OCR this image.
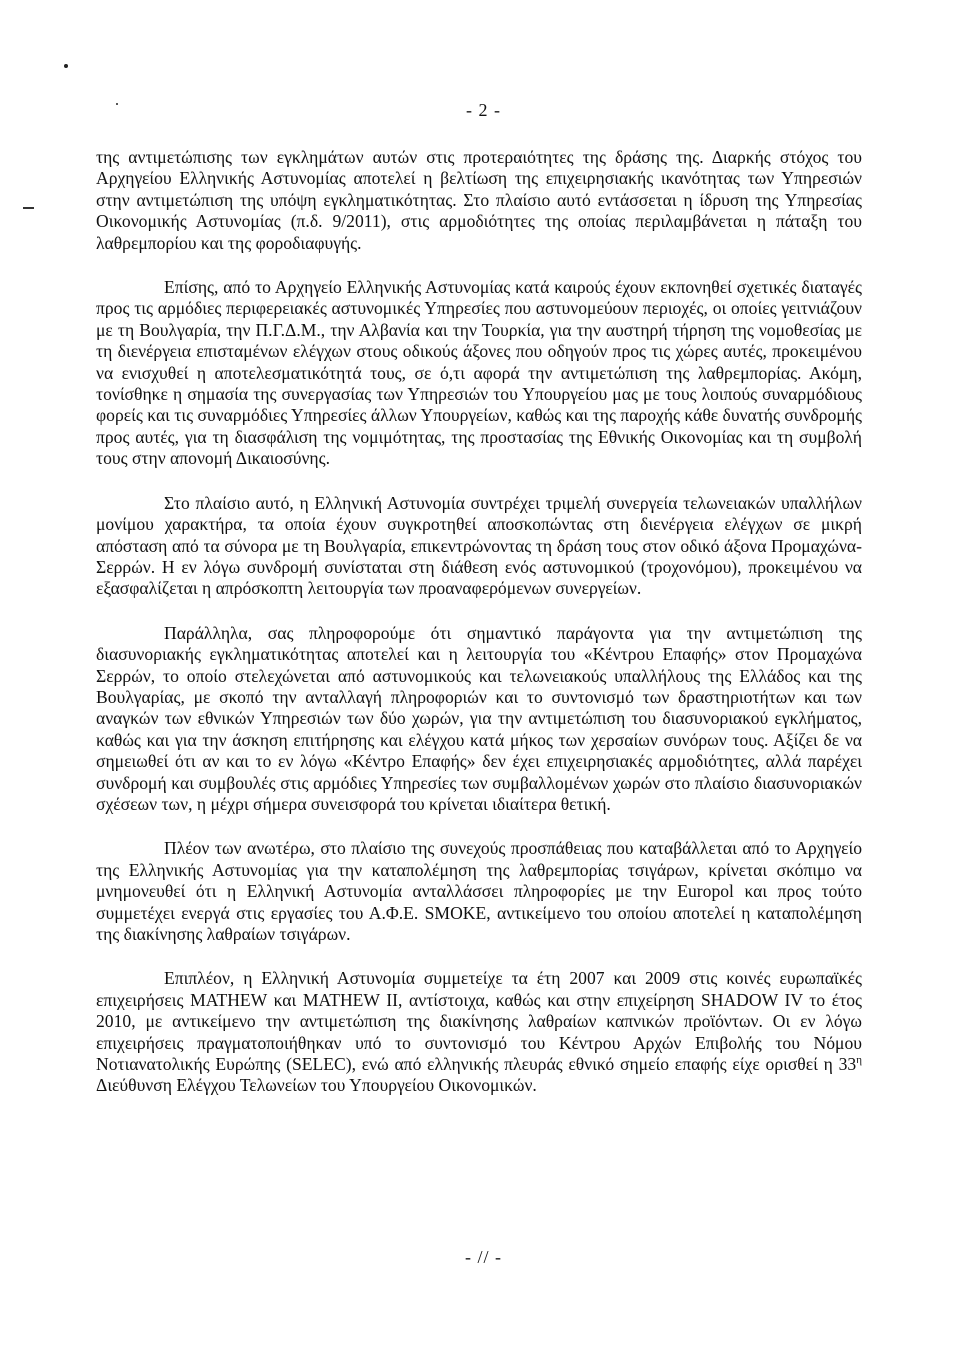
- 2 -

της αντιμετώπισης των εγκλημάτων αυτών στις προτεραιότητες της δράσης της. Διαρκής στόχος του Αρχηγείου Ελληνικής Αστυνομίας αποτελεί η βελτίωση της επιχειρησιακής ικανότητας των Υπηρεσιών στην αντιμετώπιση της υπόψη εγκληματικότητας. Στο πλαίσιο αυτό εντάσσεται η ίδρυση της Υπηρεσίας Οικονομικής Αστυνομίας (π.δ. 9/2011), στις αρμοδιότητες της οποίας περιλαμβάνεται η πάταξη του λαθρεμπορίου και της φοροδιαφυγής.

Επίσης, από το Αρχηγείο Ελληνικής Αστυνομίας κατά καιρούς έχουν εκπονηθεί σχετικές διαταγές προς τις αρμόδιες περιφερειακές αστυνομικές Υπηρεσίες που αστυνομεύουν περιοχές, οι οποίες γειτνιάζουν με τη Βουλγαρία, την Π.Γ.Δ.Μ., την Αλβανία και την Τουρκία, για την αυστηρή τήρηση της νομοθεσίας με τη διενέργεια επισταμένων ελέγχων στους οδικούς άξονες που οδηγούν προς τις χώρες αυτές, προκειμένου να ενισχυθεί η αποτελεσματικότητά τους, σε ό,τι αφορά την αντιμετώπιση της λαθρεμπορίας. Ακόμη, τονίσθηκε η σημασία της συνεργασίας των Υπηρεσιών του Υπουργείου μας με τους λοιπούς συναρμόδιους φορείς και τις συναρμόδιες Υπηρεσίες άλλων Υπουργείων, καθώς και της παροχής κάθε δυνατής συνδρομής προς αυτές, για τη διασφάλιση της νομιμότητας, της προστασίας της Εθνικής Οικονομίας και τη συμβολή τους στην απονομή Δικαιοσύνης.

Στο πλαίσιο αυτό, η Ελληνική Αστυνομία συντρέχει τριμελή συνεργεία τελωνειακών υπαλλήλων μονίμου χαρακτήρα, τα οποία έχουν συγκροτηθεί αποσκοπώντας στη διενέργεια ελέγχων σε μικρή απόσταση από τα σύνορα με τη Βουλγαρία, επικεντρώνοντας τη δράση τους στον οδικό άξονα Προμαχώνα-Σερρών. Η εν λόγω συνδρομή συνίσταται στη διάθεση ενός αστυνομικού (τροχονόμου), προκειμένου να εξασφαλίζεται η απρόσκοπτη λειτουργία των προαναφερόμενων συνεργείων.

Παράλληλα, σας πληροφορούμε ότι σημαντικό παράγοντα για την αντιμετώπιση της διασυνοριακής εγκληματικότητας αποτελεί και η λειτουργία του «Κέντρου Επαφής» στον Προμαχώνα Σερρών, το οποίο στελεχώνεται από αστυνομικούς και τελωνειακούς υπαλλήλους της Ελλάδος και της Βουλγαρίας, με σκοπό την ανταλλαγή πληροφοριών και το συντονισμό των δραστηριοτήτων και των αναγκών των εθνικών Υπηρεσιών των δύο χωρών, για την αντιμετώπιση του διασυνοριακού εγκλήματος, καθώς και για την άσκηση επιτήρησης και ελέγχου κατά μήκος των χερσαίων συνόρων τους. Αξίζει δε να σημειωθεί ότι αν και το εν λόγω «Κέντρο Επαφής» δεν έχει επιχειρησιακές αρμοδιότητες, αλλά παρέχει συνδρομή και συμβουλές στις αρμόδιες Υπηρεσίες των συμβαλλομένων χωρών στο πλαίσιο διασυνοριακών σχέσεων των, η μέχρι σήμερα συνεισφορά του κρίνεται ιδιαίτερα θετική.

Πλέον των ανωτέρω, στο πλαίσιο της συνεχούς προσπάθειας που καταβάλλεται από το Αρχηγείο της Ελληνικής Αστυνομίας για την καταπολέμηση της λαθρεμπορίας τσιγάρων, κρίνεται σκόπιμο να μνημονευθεί ότι η Ελληνική Αστυνομία ανταλλάσσει πληροφορίες με την Europol και προς τούτο συμμετέχει ενεργά στις εργασίες του Α.Φ.Ε. SMOKE, αντικείμενο του οποίου αποτελεί η καταπολέμηση της διακίνησης λαθραίων τσιγάρων.

Επιπλέον, η Ελληνική Αστυνομία συμμετείχε τα έτη 2007 και 2009 στις κοινές ευρωπαϊκές επιχειρήσεις MATHEW και MATHEW II, αντίστοιχα, καθώς και στην επιχείρηση SHADOW IV το έτος 2010, με αντικείμενο την αντιμετώπιση της διακίνησης λαθραίων καπνικών προϊόντων. Οι εν λόγω επιχειρήσεις πραγματοποιήθηκαν υπό το συντονισμό του Κέντρου Αρχών Επιβολής του Νόμου Νοτιανατολικής Ευρώπης (SELEC), ενώ από ελληνικής πλευράς εθνικό σημείο επαφής είχε ορισθεί η $33^\eta$ Διεύθυνση Ελέγχου Τελωνείων του Υπουργείου Οικονομικών.

- // -
